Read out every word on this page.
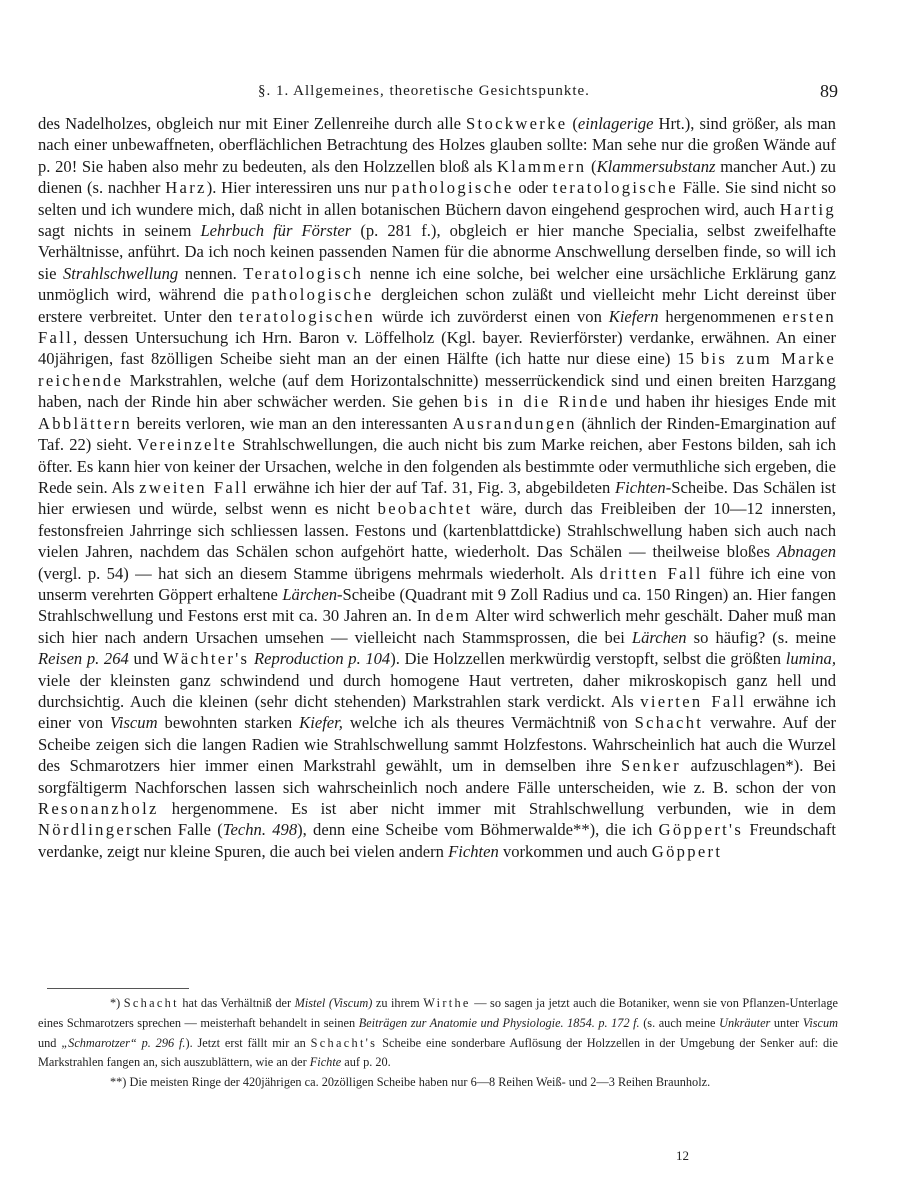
§. 1. Allgemeines, theoretische Gesichtspunkte.	89

des Nadelholzes, obgleich nur mit Einer Zellenreihe durch alle Stockwerke (einlagerige Hrt.), sind größer, als man nach einer unbewaffneten, oberflächlichen Betrachtung des Holzes glauben sollte: Man sehe nur die großen Wände auf p. 20! Sie haben also mehr zu bedeuten, als den Holzzellen bloß als Klammern (Klammersubstanz mancher Aut.) zu dienen (s. nachher Harz). Hier interessiren uns nur pathologische oder teratologische Fälle. Sie sind nicht so selten und ich wundere mich, daß nicht in allen botanischen Büchern davon eingehend gesprochen wird, auch Hartig sagt nichts in seinem Lehrbuch für Förster (p. 281 f.), obgleich er hier manche Specialia, selbst zweifelhafte Verhältnisse, anführt. Da ich noch keinen passenden Namen für die abnorme Anschwellung derselben finde, so will ich sie Strahlschwellung nennen. Teratologisch nenne ich eine solche, bei welcher eine ursächliche Erklärung ganz unmöglich wird, während die pathologische dergleichen schon zuläßt und vielleicht mehr Licht dereinst über erstere verbreitet. Unter den teratologischen würde ich zuvörderst einen von Kiefern hergenommenen ersten Fall, dessen Untersuchung ich Hrn. Baron v. Löffelholz (Kgl. bayer. Revierförster) verdanke, erwähnen. An einer 40jährigen, fast 8zölligen Scheibe sieht man an der einen Hälfte (ich hatte nur diese eine) 15 bis zum Marke reichende Markstrahlen, welche (auf dem Horizontalschnitte) messerrückendick sind und einen breiten Harzgang haben, nach der Rinde hin aber schwächer werden. Sie gehen bis in die Rinde und haben ihr hiesiges Ende mit Abblättern bereits verloren, wie man an den interessanten Ausrandungen (ähnlich der Rinden-Emargination auf Taf. 22) sieht. Vereinzelte Strahlschwellungen, die auch nicht bis zum Marke reichen, aber Festons bilden, sah ich öfter. Es kann hier von keiner der Ursachen, welche in den folgenden als bestimmte oder vermuthliche sich ergeben, die Rede sein. Als zweiten Fall erwähne ich hier der auf Taf. 31, Fig. 3, abgebildeten Fichten-Scheibe. Das Schälen ist hier erwiesen und würde, selbst wenn es nicht beobachtet wäre, durch das Freibleiben der 10—12 innersten, festonsfreien Jahrringe sich schliessen lassen. Festons und (kartenblattdicke) Strahlschwellung haben sich auch nach vielen Jahren, nachdem das Schälen schon aufgehört hatte, wiederholt. Das Schälen — theilweise bloßes Abnagen (vergl. p. 54) — hat sich an diesem Stamme übrigens mehrmals wiederholt. Als dritten Fall führe ich eine von unserm verehrten Göppert erhaltene Lärchen-Scheibe (Quadrant mit 9 Zoll Radius und ca. 150 Ringen) an. Hier fangen Strahlschwellung und Festons erst mit ca. 30 Jahren an. In dem Alter wird schwerlich mehr geschält. Daher muß man sich hier nach andern Ursachen umsehen — vielleicht nach Stammsprossen, die bei Lärchen so häufig? (s. meine Reisen p. 264 und Wächter's Reproduction p. 104). Die Holzzellen merkwürdig verstopft, selbst die größten lumina, viele der kleinsten ganz schwindend und durch homogene Haut vertreten, daher mikroskopisch ganz hell und durchsichtig. Auch die kleinen (sehr dicht stehenden) Markstrahlen stark verdickt. Als vierten Fall erwähne ich einer von Viscum bewohnten starken Kiefer, welche ich als theures Vermächtniß von Schacht verwahre. Auf der Scheibe zeigen sich die langen Radien wie Strahlschwellung sammt Holzfestons. Wahrscheinlich hat auch die Wurzel des Schmarotzers hier immer einen Markstrahl gewählt, um in demselben ihre Senker aufzuschlagen*). Bei sorgfältigerm Nachforschen lassen sich wahrscheinlich noch andere Fälle unterscheiden, wie z. B. schon der von Resonanzholz hergenommene. Es ist aber nicht immer mit Strahlschwellung verbunden, wie in dem Nördlingerschen Falle (Techn. 498), denn eine Scheibe vom Böhmerwalde**), die ich Göppert's Freundschaft verdanke, zeigt nur kleine Spuren, die auch bei vielen andern Fichten vorkommen und auch Göppert

*) Schacht hat das Verhältniß der Mistel (Viscum) zu ihrem Wirthe — so sagen ja jetzt auch die Botaniker, wenn sie von Pflanzen-Unterlage eines Schmarotzers sprechen — meisterhaft behandelt in seinen Beiträgen zur Anatomie und Physiologie. 1854. p. 172 f. (s. auch meine Unkräuter unter Viscum und „Schmarotzer“ p. 296 f.). Jetzt erst fällt mir an Schacht's Scheibe eine sonderbare Auflösung der Holzzellen in der Umgebung der Senker auf: die Markstrahlen fangen an, sich auszublättern, wie an der Fichte auf p. 20.

**) Die meisten Ringe der 420jährigen ca. 20zölligen Scheibe haben nur 6—8 Reihen Weiß- und 2—3 Reihen Braunholz.

12
